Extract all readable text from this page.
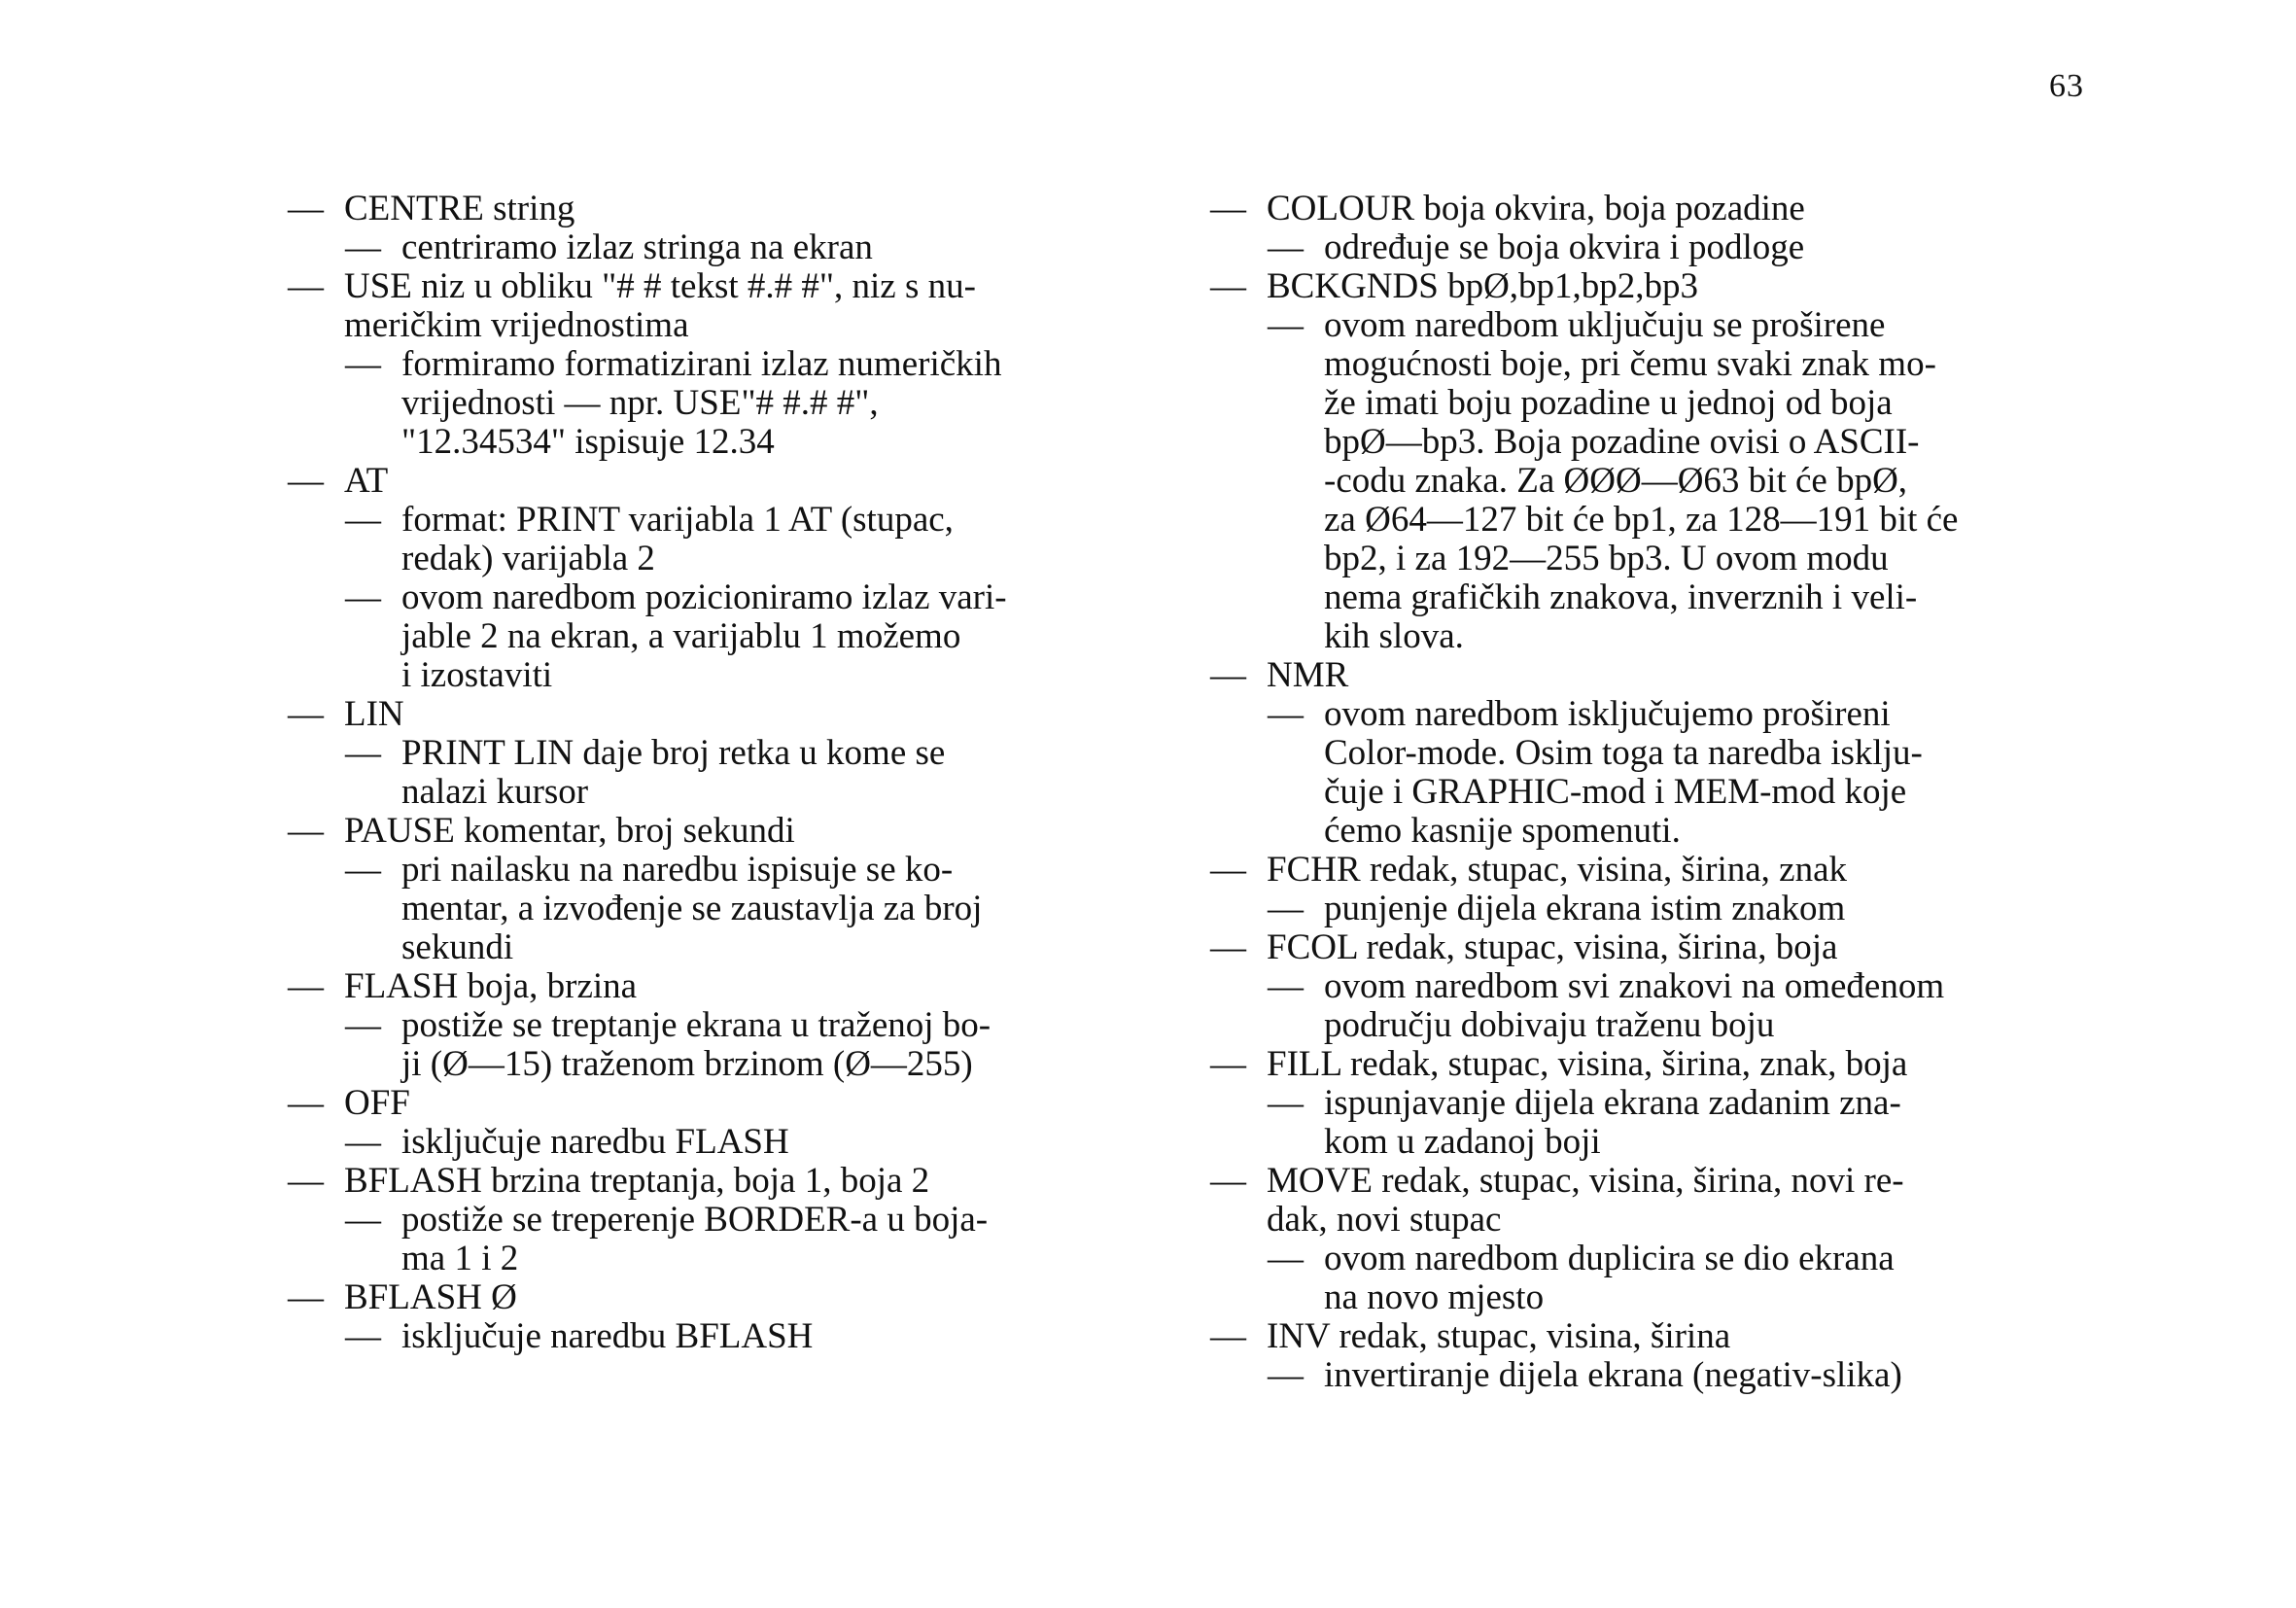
63
— CENTRE string
— centriramo izlaz stringa na ekran
— USE niz u obliku "# # tekst #.# #", niz s nu-
meričkim vrijednostima
— formiramo formatizirani izlaz numeričkih
vrijednosti — npr. USE"# #.# #",
"12.34534" ispisuje 12.34
— AT
— format: PRINT varijabla 1 AT (stupac,
redak) varijabla 2
— ovom naredbom pozicioniramo izlaz vari-
jable 2 na ekran, a varijablu 1 možemo
i izostaviti
— LIN
— PRINT LIN daje broj retka u kome se
nalazi kursor
— PAUSE komentar, broj sekundi
— pri nailasku na naredbu ispisuje se ko-
mentar, a izvođenje se zaustavlja za broj
sekundi
— FLASH boja, brzina
— postiže se treptanje ekrana u traženoj bo-
ji (Ø—15) traženom brzinom (Ø—255)
— OFF
— isključuje naredbu FLASH
— BFLASH brzina treptanja, boja 1, boja 2
— postiže se treperenje BORDER-a u boja-
ma 1 i 2
— BFLASH Ø
— isključuje naredbu BFLASH
— COLOUR boja okvira, boja pozadine
— određuje se boja okvira i podloge
— BCKGNDS bpØ,bp1,bp2,bp3
— ovom naredbom uključuju se proširene
mogućnosti boje, pri čemu svaki znak mo-
že imati boju pozadine u jednoj od boja
bpØ—bp3. Boja pozadine ovisi o ASCII-
-codu znaka. Za ØØØ—Ø63 bit će bpØ,
za Ø64—127 bit će bp1, za 128—191 bit će
bp2, i za 192—255 bp3. U ovom modu
nema grafičkih znakova, inverznih i veli-
kih slova.
— NMR
— ovom naredbom isključujemo prošireni
Color-mode. Osim toga ta naredba isklju-
čuje i GRAPHIC-mod i MEM-mod koje
ćemo kasnije spomenuti.
— FCHR redak, stupac, visina, širina, znak
— punjenje dijela ekrana istim znakom
— FCOL redak, stupac, visina, širina, boja
— ovom naredbom svi znakovi na omeđenom
području dobivaju traženu boju
— FILL redak, stupac, visina, širina, znak, boja
— ispunjavanje dijela ekrana zadanim zna-
kom u zadanoj boji
— MOVE redak, stupac, visina, širina, novi re-
dak, novi stupac
— ovom naredbom duplicira se dio ekrana
na novo mjesto
— INV redak, stupac, visina, širina
— invertiranje dijela ekrana (negativ-slika)
